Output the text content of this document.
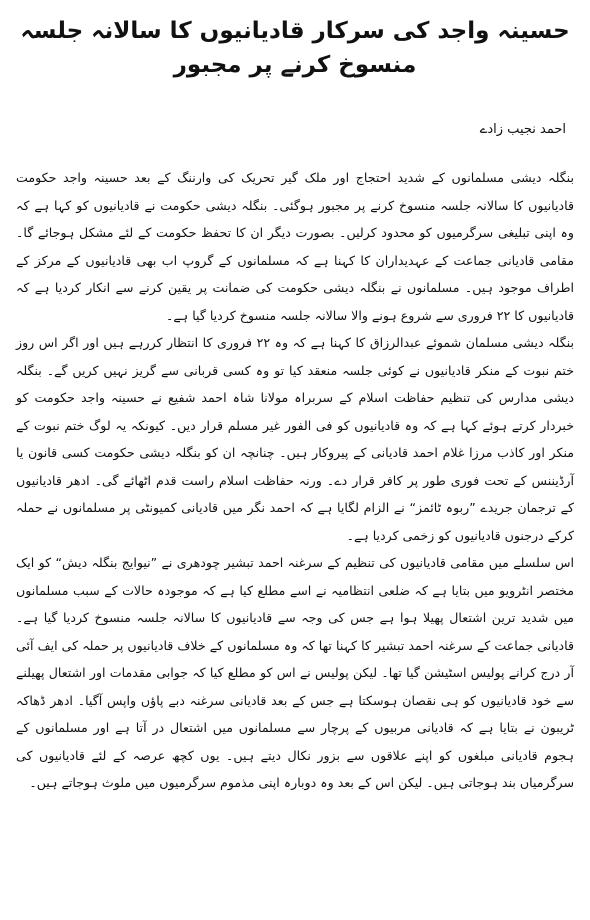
حسینہ واجد کی سرکار قادیانیوں کا سالانہ جلسہ منسوخ کرنے پر مجبور
احمد نجیب زادے

بنگلہ دیشی مسلمانوں کے شدید احتجاج اور ملک گیر تحریک کی وارننگ کے بعد حسینہ واجد حکومت قادیانیوں کا سالانہ جلسہ منسوخ کرنے پر مجبور ہوگئی۔ بنگلہ دیشی حکومت نے قادیانیوں کو کہا ہے کہ وہ اپنی تبلیغی سرگرمیوں کو محدود کرلیں۔ بصورت دیگر ان کا تحفظ حکومت کے لئے مشکل ہوجائے گا۔ مقامی قادیانی جماعت کے عہدیداران کا کہنا ہے کہ مسلمانوں کے گروپ اب بھی قادیانیوں کے مرکز کے اطراف موجود ہیں۔ مسلمانوں نے بنگلہ دیشی حکومت کی ضمانت پر یقین کرنے سے انکار کردیا ہے کہ قادیانیوں کا ۲۲ فروری سے شروع ہونے والا سالانہ جلسہ منسوخ کردیا گیا ہے۔

بنگلہ دیشی مسلمان شموئے عبدالرزاق کا کہنا ہے کہ وہ ۲۲ فروری کا انتظار کررہے ہیں اور اگر اس روز ختم نبوت کے منکر قادیانیوں نے کوئی جلسہ منعقد کیا تو وہ کسی قربانی سے گریز نہیں کریں گے۔ بنگلہ دیشی مدارس کی تنظیم حفاظت اسلام کے سربراہ مولانا شاہ احمد شفیع نے حسینہ واجد حکومت کو خبردار کرتے ہوئے کہا ہے کہ وہ قادیانیوں کو فی الفور غیر مسلم قرار دیں۔ کیونکہ یہ لوگ ختم نبوت کے منکر اور کاذب مرزا غلام احمد قادیانی کے پیروکار ہیں۔ چنانچہ ان کو بنگلہ دیشی حکومت کسی قانون یا آرڈیننس کے تحت فوری طور پر کافر قرار دے۔ ورنہ حفاظت اسلام راست قدم اٹھائے گی۔ ادھر قادیانیوں کے ترجمان جریدے ”ربوہ ٹائمز“ نے الزام لگایا ہے کہ احمد نگر میں قادیانی کمیونٹی پر مسلمانوں نے حملہ کرکے درجنوں قادیانیوں کو زخمی کردیا ہے۔

اس سلسلے میں مقامی قادیانیوں کی تنظیم کے سرغنہ احمد تبشیر چودھری نے ”نیوایج بنگلہ دیش“ کو ایک مختصر انٹرویو میں بتایا ہے کہ ضلعی انتظامیہ نے اسے مطلع کیا ہے کہ موجودہ حالات کے سبب مسلمانوں میں شدید ترین اشتعال پھیلا ہوا ہے جس کی وجہ سے قادیانیوں کا سالانہ جلسہ منسوخ کردیا گیا ہے۔ قادیانی جماعت کے سرغنہ احمد تبشیر کا کہنا تھا کہ وہ مسلمانوں کے خلاف قادیانیوں پر حملہ کی ایف آئی آر درج کرانے پولیس اسٹیشن گیا تھا۔ لیکن پولیس نے اس کو مطلع کیا کہ جوابی مقدمات اور اشتعال پھیلنے سے خود قادیانیوں کو ہی نقصان ہوسکتا ہے جس کے بعد قادیانی سرغنہ دبے پاؤں واپس آگیا۔ ادھر ڈھاکہ ٹریبون نے بتایا ہے کہ قادیانی مربیوں کے پرچار سے مسلمانوں میں اشتعال در آتا ہے اور مسلمانوں کے ہجوم قادیانی مبلغوں کو اپنے علاقوں سے بزور نکال دیتے ہیں۔ یوں کچھ عرصہ کے لئے قادیانیوں کی سرگرمیاں بند ہوجاتی ہیں۔ لیکن اس کے بعد وہ دوبارہ اپنی مذموم سرگرمیوں میں ملوث ہوجاتے ہیں۔
